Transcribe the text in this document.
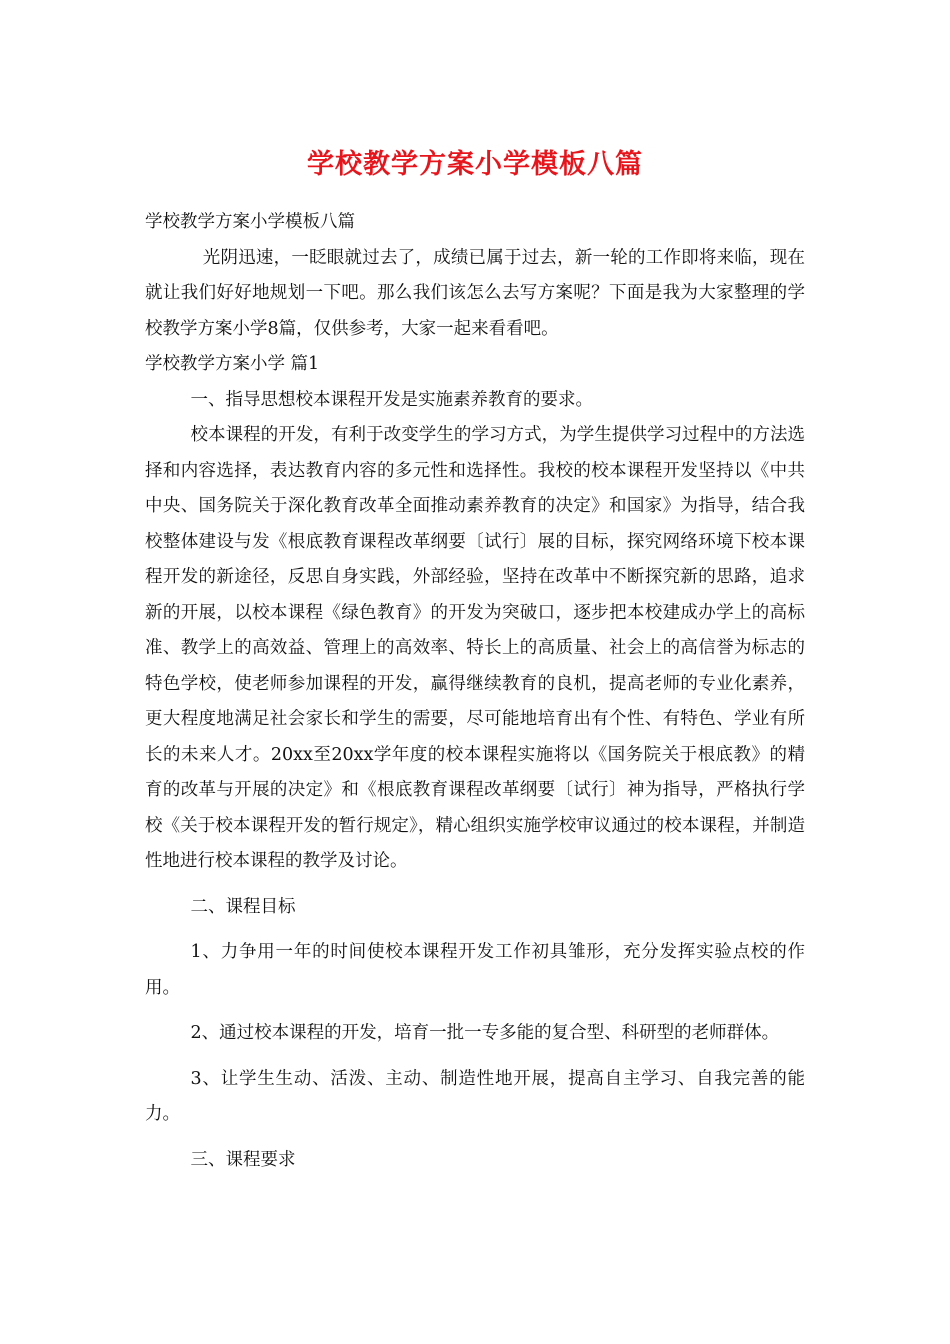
学校教学方案小学模板八篇

学校教学方案小学模板八篇

光阴迅速，一眨眼就过去了，成绩已属于过去，新一轮的工作即将来临，现在就让我们好好地规划一下吧。那么我们该怎么去写方案呢？下面是我为大家整理的学校教学方案小学8篇，仅供参考，大家一起来看看吧。

学校教学方案小学 篇1

一、指导思想校本课程开发是实施素养教育的要求。

校本课程的开发，有利于改变学生的学习方式，为学生提供学习过程中的方法选择和内容选择，表达教育内容的多元性和选择性。我校的校本课程开发坚持以《中共中央、国务院关于深化教育改革全面推动素养教育的决定》和国家》为指导，结合我校整体建设与发《根底教育课程改革纲要〔试行〕展的目标，探究网络环境下校本课程开发的新途径，反思自身实践，外部经验，坚持在改革中不断探究新的思路，追求新的开展，以校本课程《绿色教育》的开发为突破口，逐步把本校建成办学上的高标准、教学上的高效益、管理上的高效率、特长上的高质量、社会上的高信誉为标志的特色学校，使老师参加课程的开发，赢得继续教育的良机，提高老师的专业化素养，更大程度地满足社会家长和学生的需要，尽可能地培育出有个性、有特色、学业有所长的未来人才。20xx至20xx学年度的校本课程实施将以《国务院关于根底教》的精育的改革与开展的决定》和《根底教育课程改革纲要〔试行〕神为指导，严格执行学校《关于校本课程开发的暂行规定》，精心组织实施学校审议通过的校本课程，并制造性地进行校本课程的教学及讨论。

二、课程目标

1、力争用一年的时间使校本课程开发工作初具雏形，充分发挥实验点校的作用。

2、通过校本课程的开发，培育一批一专多能的复合型、科研型的老师群体。

3、让学生生动、活泼、主动、制造性地开展，提高自主学习、自我完善的能力。

三、课程要求
